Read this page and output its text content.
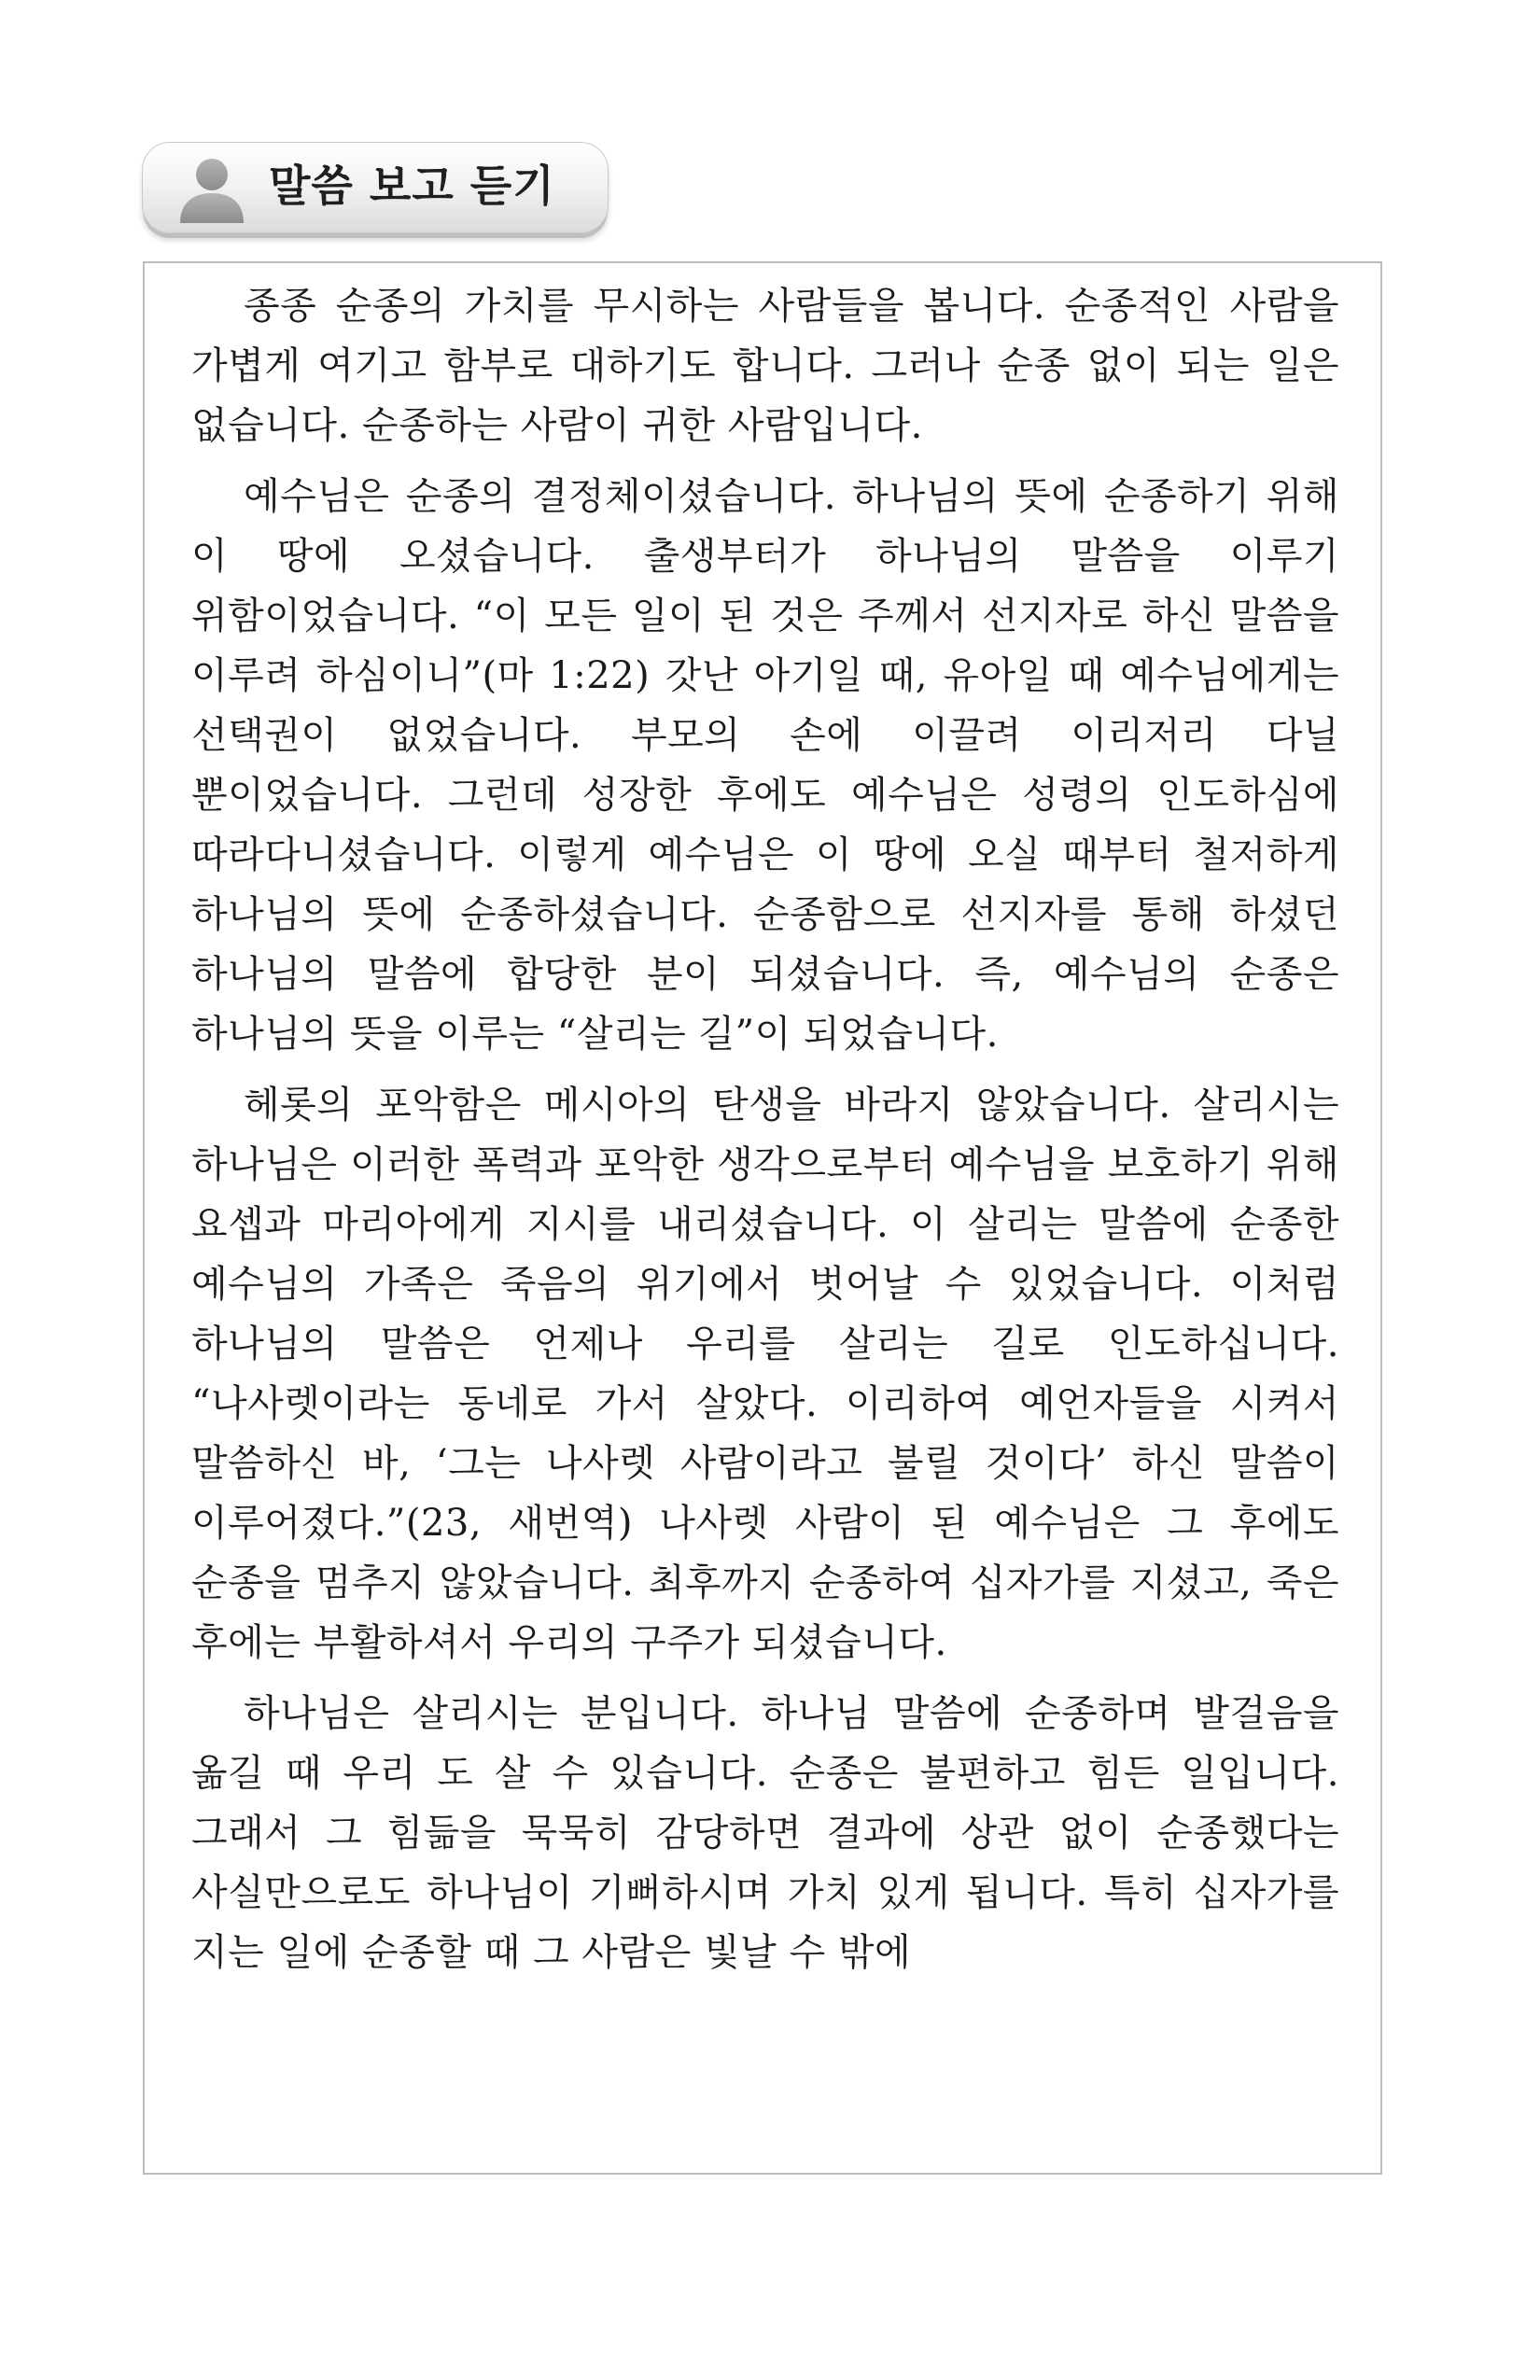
말씀 보고 듣기

종종 순종의 가치를 무시하는 사람들을 봅니다. 순종적인 사람을 가볍게 여기고 함부로 대하기도 합니다. 그러나 순종 없이 되는 일은 없습니다. 순종하는 사람이 귀한 사람입니다.

예수님은 순종의 결정체이셨습니다. 하나님의 뜻에 순종하기 위해 이 땅에 오셨습니다. 출생부터가 하나님의 말씀을 이루기 위함이었습니다. “이 모든 일이 된 것은 주께서 선지자로 하신 말씀을 이루려 하심이니”(마 1:22) 갓난 아기일 때, 유아일 때 예수님에게는 선택권이 없었습니다. 부모의 손에 이끌려 이리저리 다닐 뿐이었습니다. 그런데 성장한 후에도 예수님은 성령의 인도하심에 따라다니셨습니다. 이렇게 예수님은 이 땅에 오실 때부터 철저하게 하나님의 뜻에 순종하셨습니다. 순종함으로 선지자를 통해 하셨던 하나님의 말씀에 합당한 분이 되셨습니다. 즉, 예수님의 순종은 하나님의 뜻을 이루는 “살리는 길”이 되었습니다.

헤롯의 포악함은 메시아의 탄생을 바라지 않았습니다. 살리시는 하나님은 이러한 폭력과 포악한 생각으로부터 예수님을 보호하기 위해 요셉과 마리아에게 지시를 내리셨습니다. 이 살리는 말씀에 순종한 예수님의 가족은 죽음의 위기에서 벗어날 수 있었습니다. 이처럼 하나님의 말씀은 언제나 우리를 살리는 길로 인도하십니다. “나사렛이라는 동네로 가서 살았다. 이리하여 예언자들을 시켜서 말씀하신 바, ‘그는 나사렛 사람이라고 불릴 것이다’ 하신 말씀이 이루어졌다.”(23, 새번역) 나사렛 사람이 된 예수님은 그 후에도 순종을 멈추지 않았습니다. 최후까지 순종하여 십자가를 지셨고, 죽은 후에는 부활하셔서 우리의 구주가 되셨습니다.

하나님은 살리시는 분입니다. 하나님 말씀에 순종하며 발걸음을 옮길 때 우리 도 살 수 있습니다. 순종은 불편하고 힘든 일입니다. 그래서 그 힘듦을 묵묵히 감당하면 결과에 상관 없이 순종했다는 사실만으로도 하나님이 기뻐하시며 가치 있게 됩니다. 특히 십자가를 지는 일에 순종할 때 그 사람은 빛날 수 밖에
